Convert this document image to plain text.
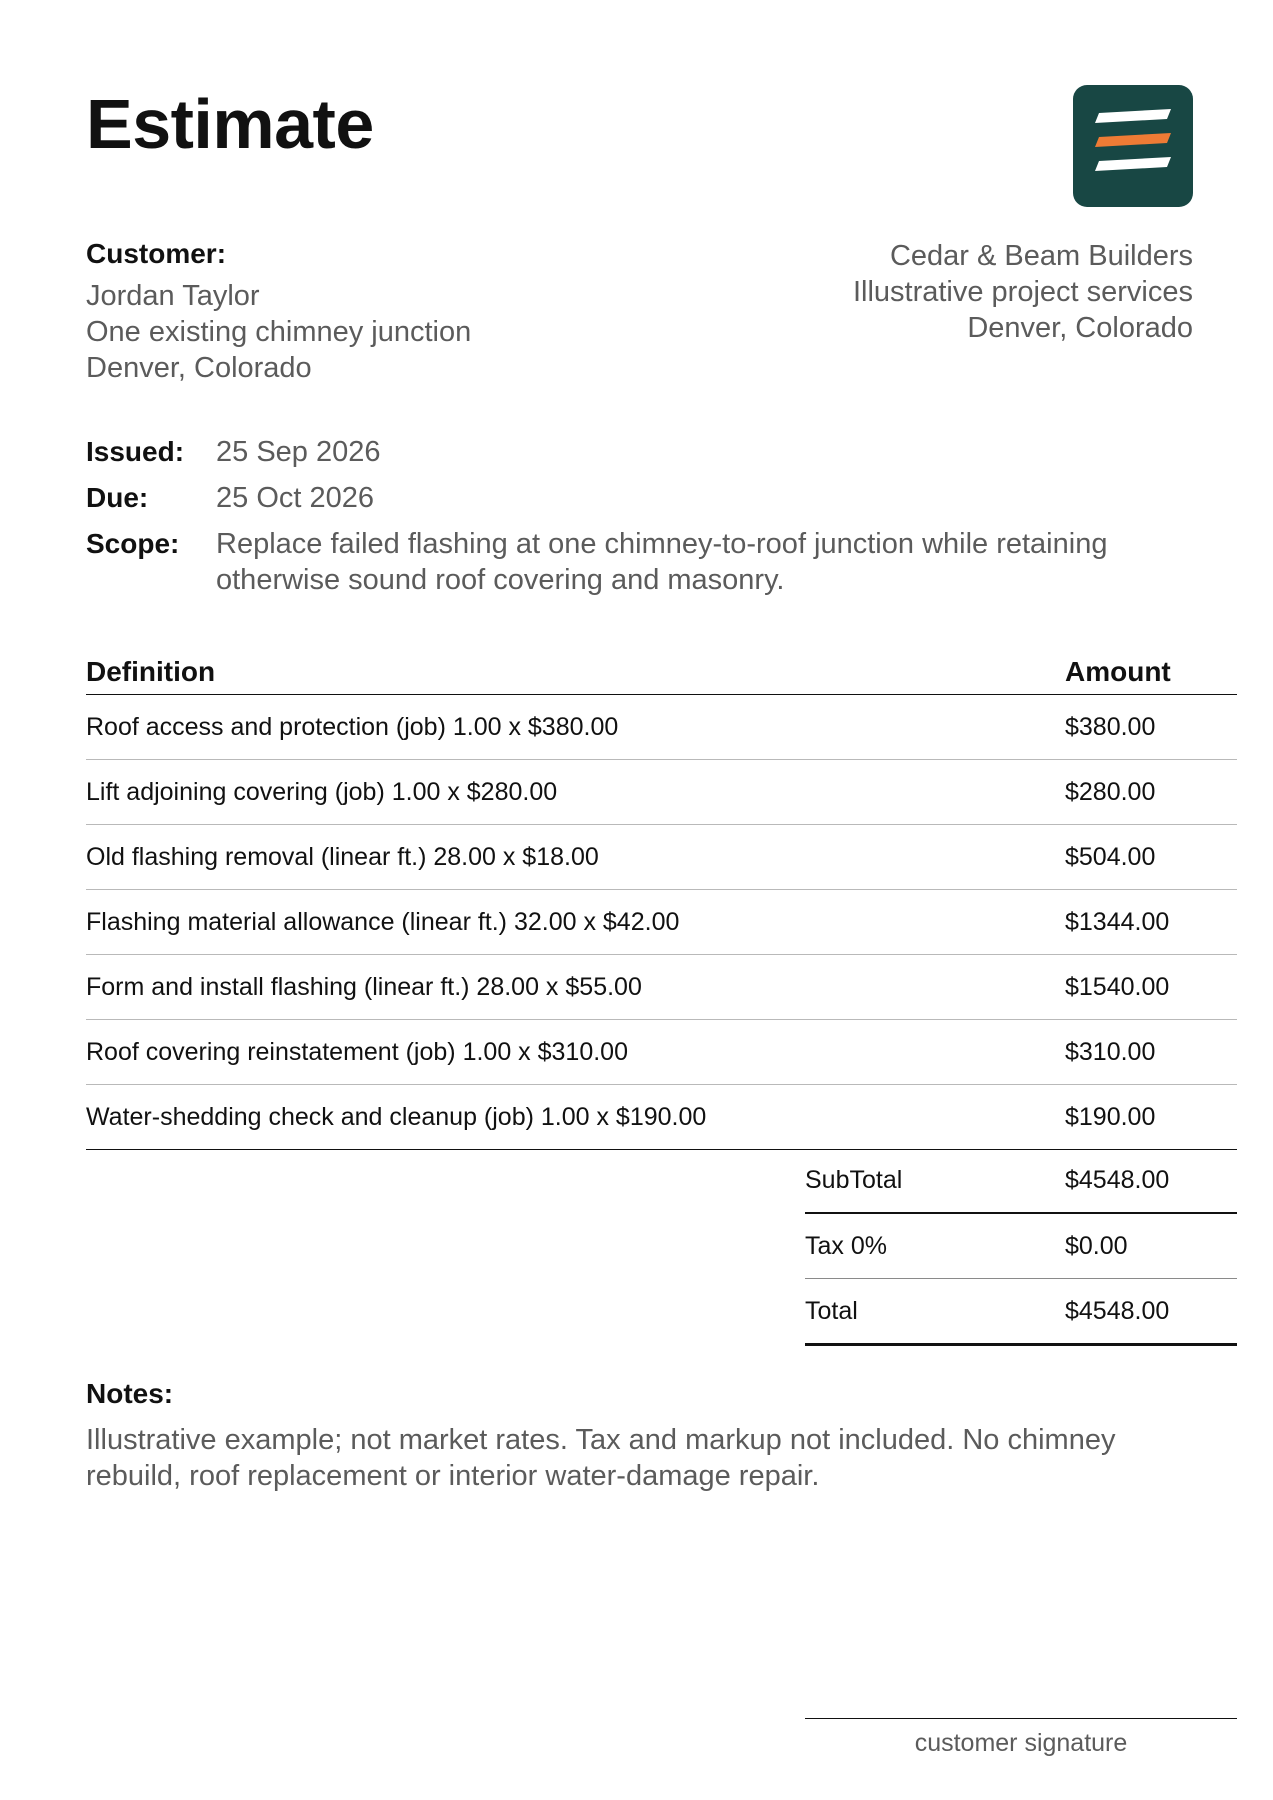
Estimate
Customer:
Jordan Taylor
One existing chimney junction
Denver, Colorado
Cedar & Beam Builders
Illustrative project services
Denver, Colorado
Issued:	25 Sep 2026
Due:	25 Oct 2026
Scope:	Replace failed flashing at one chimney-to-roof junction while retaining otherwise sound roof covering and masonry.
Definition	Amount
Roof access and protection (job) 1.00 x $380.00	$380.00
Lift adjoining covering (job) 1.00 x $280.00	$280.00
Old flashing removal (linear ft.) 28.00 x $18.00	$504.00
Flashing material allowance (linear ft.) 32.00 x $42.00	$1344.00
Form and install flashing (linear ft.) 28.00 x $55.00	$1540.00
Roof covering reinstatement (job) 1.00 x $310.00	$310.00
Water-shedding check and cleanup (job) 1.00 x $190.00	$190.00
SubTotal	$4548.00
Tax 0%	$0.00
Total	$4548.00
Notes:
Illustrative example; not market rates. Tax and markup not included. No chimney rebuild, roof replacement or interior water-damage repair.
customer signature
